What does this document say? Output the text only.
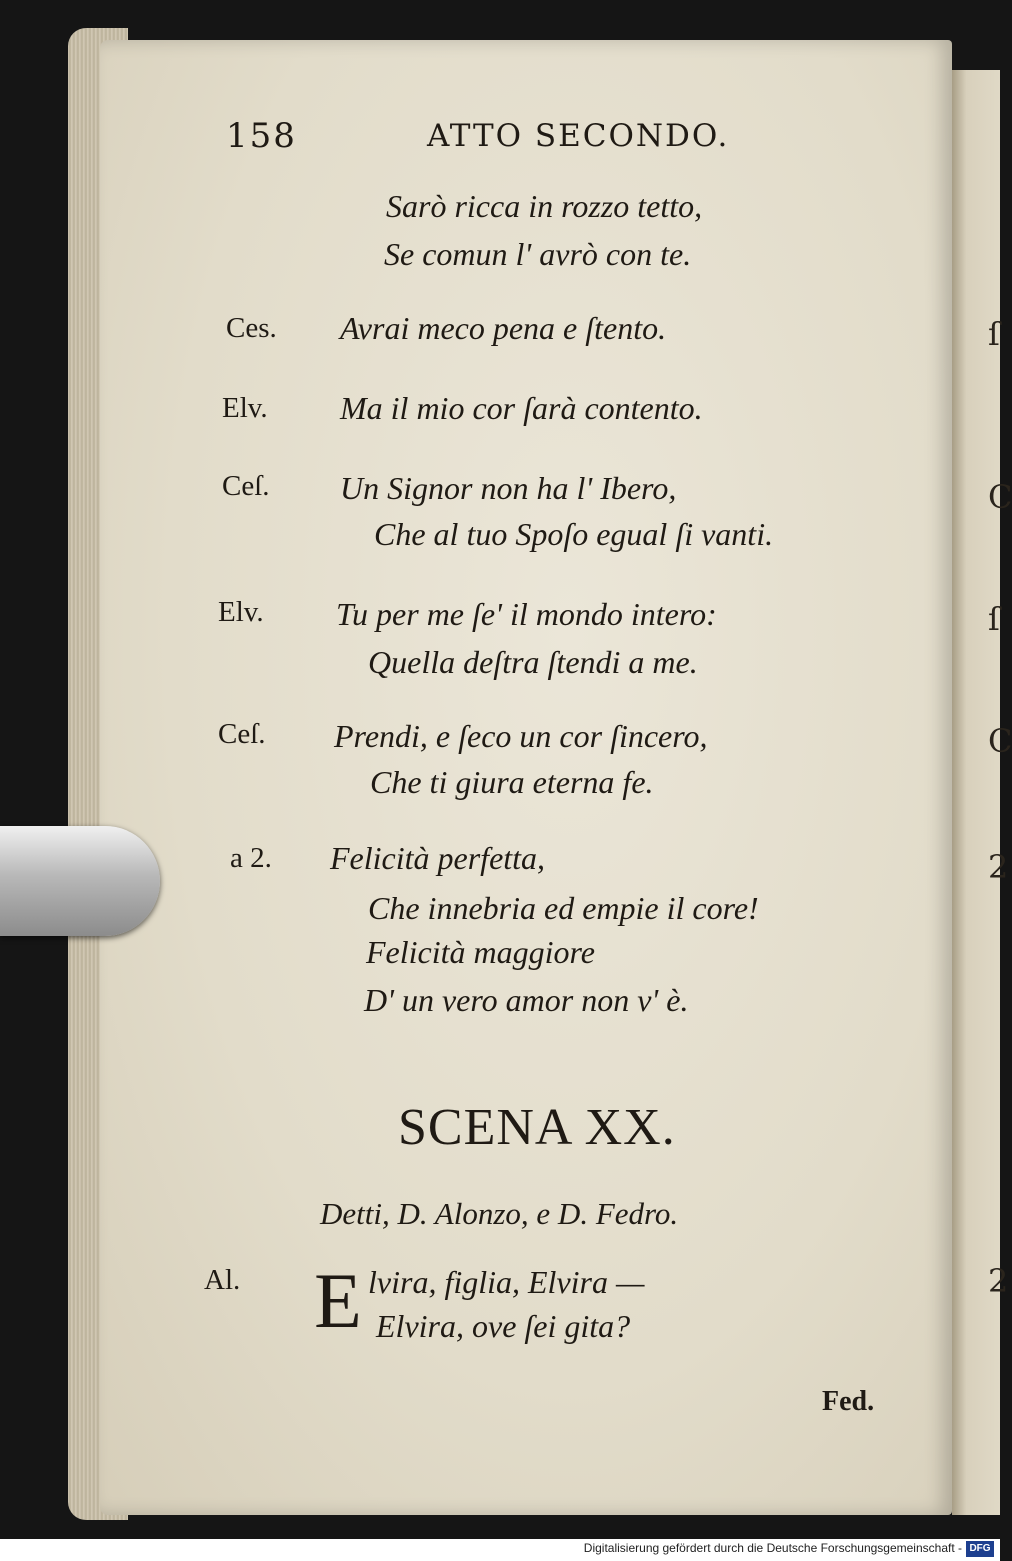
ſ
C
ſ
C
2
2
158	ATTO SECONDO.
Sarò ricca in rozzo tetto,
Se comun l' avrò con te.
Ces. Avrai meco pena e ſtento.
Elv. Ma il mio cor ſarà contento.
Ceſ. Un Signor non ha l' Ibero,
Che al tuo Spoſo egual ſi vanti.
Elv. Tu per me ſe' il mondo intero:
Quella deſtra ſtendi a me.
Ceſ. Prendi, e ſeco un cor ſincero,
Che ti giura eterna fe.
a 2. Felicità perfetta,
Che innebria ed empie il core!
Felicità maggiore
D' un vero amor non v' è.
SCENA XX.
Detti, D. Alonzo, e D. Fedro.
Al. E lvira, figlia, Elvira —
Elvira, ove ſei gita?
Fed.
Digitalisierung gefördert durch die Deutsche Forschungsgemeinschaft - DFG
